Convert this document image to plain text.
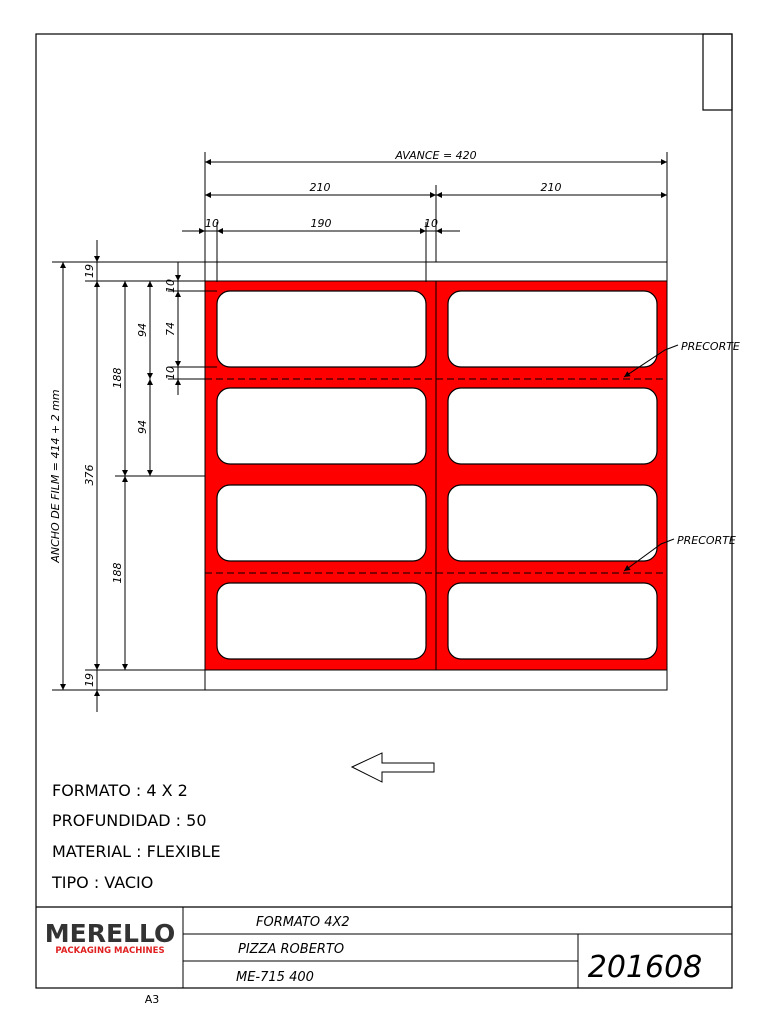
AVANCE = 420
210	210
10	190	10
19
19
10
74
10
94
94
188
188
376
ANCHO DE FILM = 414 + 2 mm
PRECORTE
PRECORTE
FORMATO : 4 X 2
PROFUNDIDAD : 50
MATERIAL : FLEXIBLE
TIPO : VACIO
MERELLO
PACKAGING MACHINES
FORMATO 4X2
PIZZA ROBERTO
ME-715 400	201608
A3
